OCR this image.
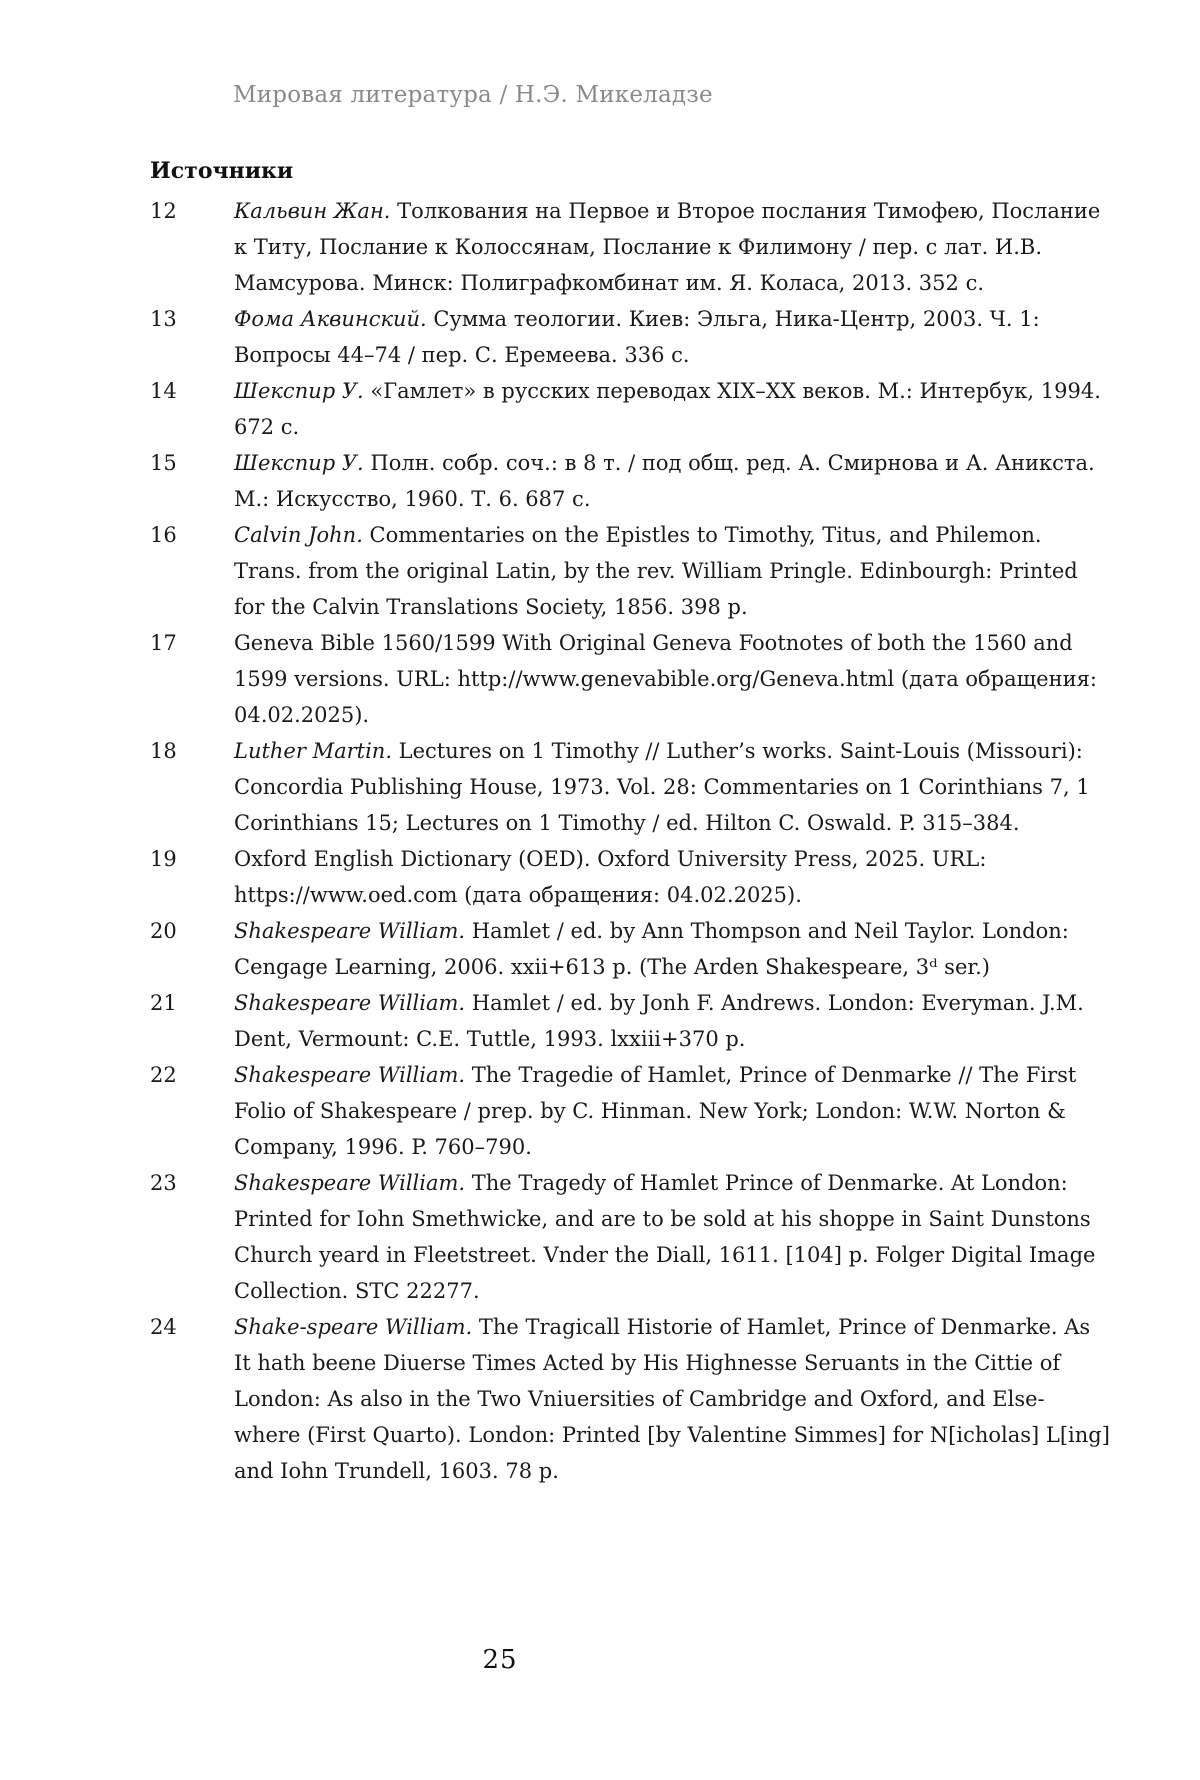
Мировая литература / Н.Э. Микеладзе
Источники
12	Кальвин Жан. Толкования на Первое и Второе послания Тимофею, Послание к Титу, Послание к Колоссянам, Послание к Филимону / пер. с лат. И.В. Мамсурова. Минск: Полиграфкомбинат им. Я. Коласа, 2013. 352 с.
13	Фома Аквинский. Сумма теологии. Киев: Эльга, Ника-Центр, 2003. Ч. 1: Вопросы 44–74 / пер. С. Еремеева. 336 с.
14	Шекспир У. «Гамлет» в русских переводах XIX–XX веков. М.: Интербук, 1994. 672 с.
15	Шекспир У. Полн. собр. соч.: в 8 т. / под общ. ред. А. Смирнова и А. Аникста. М.: Искусство, 1960. Т. 6. 687 с.
16	Calvin John. Commentaries on the Epistles to Timothy, Titus, and Philemon. Trans. from the original Latin, by the rev. William Pringle. Edinbourgh: Printed for the Calvin Translations Society, 1856. 398 p.
17	Geneva Bible 1560/1599 With Original Geneva Footnotes of both the 1560 and 1599 versions. URL: http://www.genevabible.org/Geneva.html (дата обращения: 04.02.2025).
18	Luther Martin. Lectures on 1 Timothy // Luther’s works. Saint-Louis (Missouri): Concordia Publishing House, 1973. Vol. 28: Commentaries on 1 Corinthians 7, 1 Corinthians 15; Lectures on 1 Timothy / ed. Hilton C. Oswald. P. 315–384.
19	Oxford English Dictionary (OED). Oxford University Press, 2025. URL: https://www.oed.com (дата обращения: 04.02.2025).
20	Shakespeare William. Hamlet / ed. by Ann Thompson and Neil Taylor. London: Cengage Learning, 2006. xxii+613 p. (The Arden Shakespeare, 3ᵈ ser.)
21	Shakespeare William. Hamlet / ed. by Jonh F. Andrews. London: Everyman. J.M. Dent, Vermount: C.E. Tuttle, 1993. lxxiii+370 p.
22	Shakespeare William. The Tragedie of Hamlet, Prince of Denmarke // The First Folio of Shakespeare / prep. by C. Hinman. New York; London: W.W. Norton & Company, 1996. P. 760–790.
23	Shakespeare William. The Tragedy of Hamlet Prince of Denmarke. At London: Printed for Iohn Smethwicke, and are to be sold at his shoppe in Saint Dunstons Church yeard in Fleetstreet. Vnder the Diall, 1611. [104] p. Folger Digital Image Collection. STC 22277.
24	Shake-speare William. The Tragicall Historie of Hamlet, Prince of Denmarke. As It hath beene Diuerse Times Acted by His Highnesse Seruants in the Cittie of London: As also in the Two Vniuersities of Cambridge and Oxford, and Else-where (First Quarto). London: Printed [by Valentine Simmes] for N[icholas] L[ing] and Iohn Trundell, 1603. 78 p.
25
